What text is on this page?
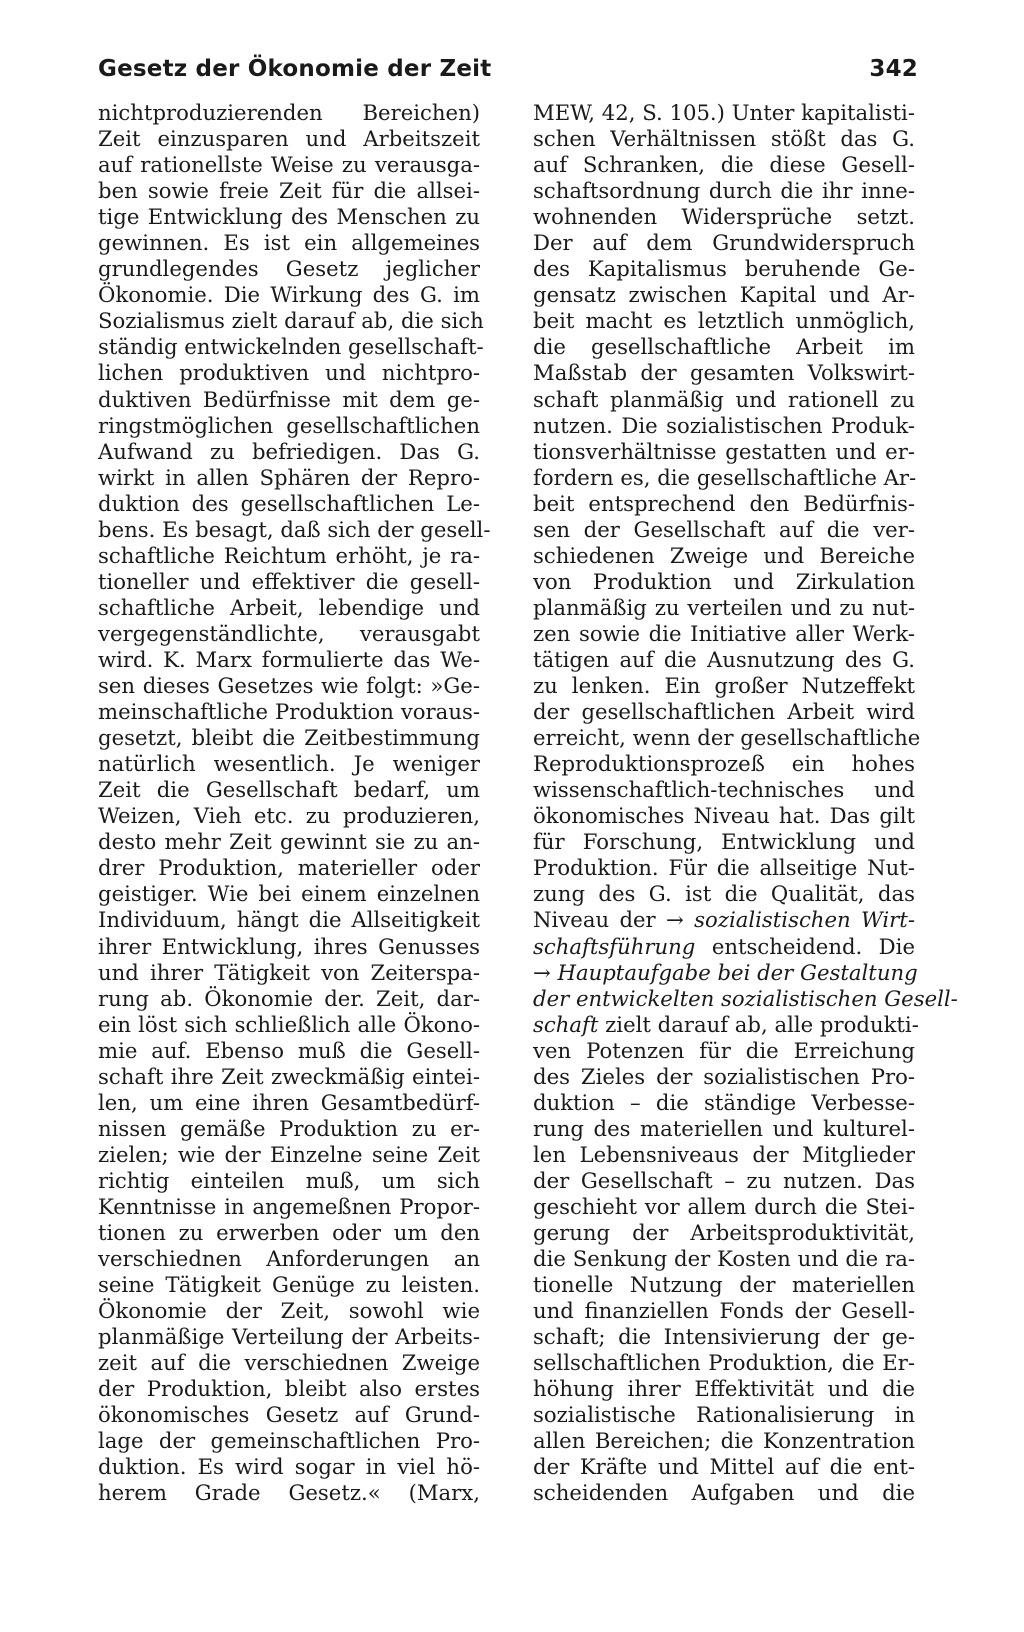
Gesetz der Ökonomie der Zeit	342
nichtproduzierenden Bereichen)
Zeit einzusparen und Arbeitszeit
auf rationellste Weise zu verausga-
ben sowie freie Zeit für die allsei-
tige Entwicklung des Menschen zu
gewinnen. Es ist ein allgemeines
grundlegendes Gesetz jeglicher
Ökonomie. Die Wirkung des G. im
Sozialismus zielt darauf ab, die sich
ständig entwickelnden gesellschaft-
lichen produktiven und nichtpro-
duktiven Bedürfnisse mit dem ge-
ringstmöglichen gesellschaftlichen
Aufwand zu befriedigen. Das G.
wirkt in allen Sphären der Repro-
duktion des gesellschaftlichen Le-
bens. Es besagt, daß sich der gesell-
schaftliche Reichtum erhöht, je ra-
tioneller und effektiver die gesell-
schaftliche Arbeit, lebendige und
vergegenständlichte, verausgabt
wird. K. Marx formulierte das We-
sen dieses Gesetzes wie folgt: »Ge-
meinschaftliche Produktion voraus-
gesetzt, bleibt die Zeitbestimmung
natürlich wesentlich. Je weniger
Zeit die Gesellschaft bedarf, um
Weizen, Vieh etc. zu produzieren,
desto mehr Zeit gewinnt sie zu an-
drer Produktion, materieller oder
geistiger. Wie bei einem einzelnen
Individuum, hängt die Allseitigkeit
ihrer Entwicklung, ihres Genusses
und ihrer Tätigkeit von Zeiterspa-
rung ab. Ökonomie der. Zeit, dar-
ein löst sich schließlich alle Ökono-
mie auf. Ebenso muß die Gesell-
schaft ihre Zeit zweckmäßig eintei-
len, um eine ihren Gesamtbedürf-
nissen gemäße Produktion zu er-
zielen; wie der Einzelne seine Zeit
richtig einteilen muß, um sich
Kenntnisse in angemeßnen Propor-
tionen zu erwerben oder um den
verschiednen Anforderungen an
seine Tätigkeit Genüge zu leisten.
Ökonomie der Zeit, sowohl wie
planmäßige Verteilung der Arbeits-
zeit auf die verschiednen Zweige
der Produktion, bleibt also erstes
ökonomisches Gesetz auf Grund-
lage der gemeinschaftlichen Pro-
duktion. Es wird sogar in viel hö-
herem Grade Gesetz.« (Marx,
MEW, 42, S. 105.) Unter kapitalisti-
schen Verhältnissen stößt das G.
auf Schranken, die diese Gesell-
schaftsordnung durch die ihr inne-
wohnenden Widersprüche setzt.
Der auf dem Grundwiderspruch
des Kapitalismus beruhende Ge-
gensatz zwischen Kapital und Ar-
beit macht es letztlich unmöglich,
die gesellschaftliche Arbeit im
Maßstab der gesamten Volkswirt-
schaft planmäßig und rationell zu
nutzen. Die sozialistischen Produk-
tionsverhältnisse gestatten und er-
fordern es, die gesellschaftliche Ar-
beit entsprechend den Bedürfnis-
sen der Gesellschaft auf die ver-
schiedenen Zweige und Bereiche
von Produktion und Zirkulation
planmäßig zu verteilen und zu nut-
zen sowie die Initiative aller Werk-
tätigen auf die Ausnutzung des G.
zu lenken. Ein großer Nutzeffekt
der gesellschaftlichen Arbeit wird
erreicht, wenn der gesellschaftliche
Reproduktionsprozeß ein hohes
wissenschaftlich-technisches und
ökonomisches Niveau hat. Das gilt
für Forschung, Entwicklung und
Produktion. Für die allseitige Nut-
zung des G. ist die Qualität, das
Niveau der → sozialistischen Wirt-
schaftsführung entscheidend. Die
→ Hauptaufgabe bei der Gestaltung
der entwickelten sozialistischen Gesell-
schaft zielt darauf ab, alle produkti-
ven Potenzen für die Erreichung
des Zieles der sozialistischen Pro-
duktion – die ständige Verbesse-
rung des materiellen und kulturel-
len Lebensniveaus der Mitglieder
der Gesellschaft – zu nutzen. Das
geschieht vor allem durch die Stei-
gerung der Arbeitsproduktivität,
die Senkung der Kosten und die ra-
tionelle Nutzung der materiellen
und finanziellen Fonds der Gesell-
schaft; die Intensivierung der ge-
sellschaftlichen Produktion, die Er-
höhung ihrer Effektivität und die
sozialistische Rationalisierung in
allen Bereichen; die Konzentration
der Kräfte und Mittel auf die ent-
scheidenden Aufgaben und die
